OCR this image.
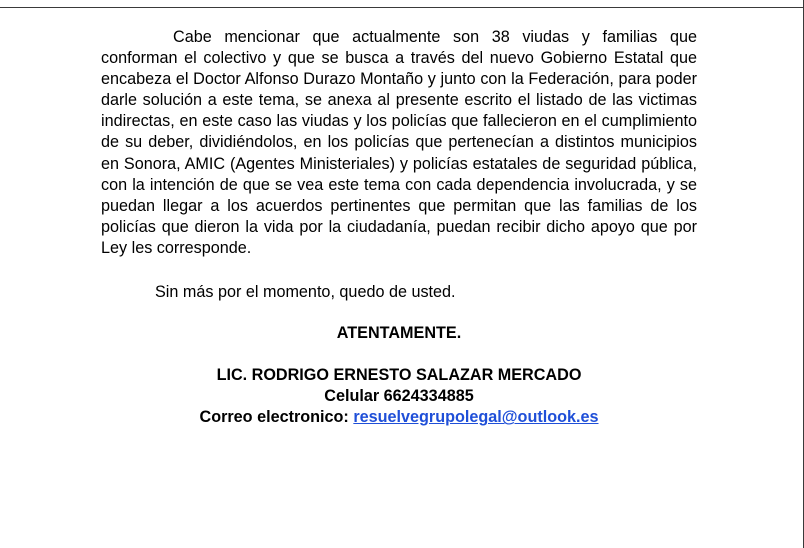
Cabe mencionar que actualmente son 38 viudas y familias que conforman el colectivo y que se busca a través del nuevo Gobierno Estatal que encabeza el Doctor Alfonso Durazo Montaño y junto con la Federación, para poder darle solución a este tema, se anexa al presente escrito el listado de las victimas indirectas, en este caso las viudas y los policías que fallecieron en el cumplimiento de su deber, dividiéndolos, en los policías que pertenecían a distintos municipios en Sonora, AMIC (Agentes Ministeriales) y policías estatales de seguridad pública, con la intención de que se vea este tema con cada dependencia involucrada, y se puedan llegar a los acuerdos pertinentes que permitan que las familias de los policías que dieron la vida por la ciudadanía, puedan recibir dicho apoyo que por Ley les corresponde.

Sin más por el momento, quedo de usted.

ATENTAMENTE.
LIC. RODRIGO ERNESTO SALAZAR MERCADO
Celular 6624334885
Correo electronico: resuelvegrupolegal@outlook.es
